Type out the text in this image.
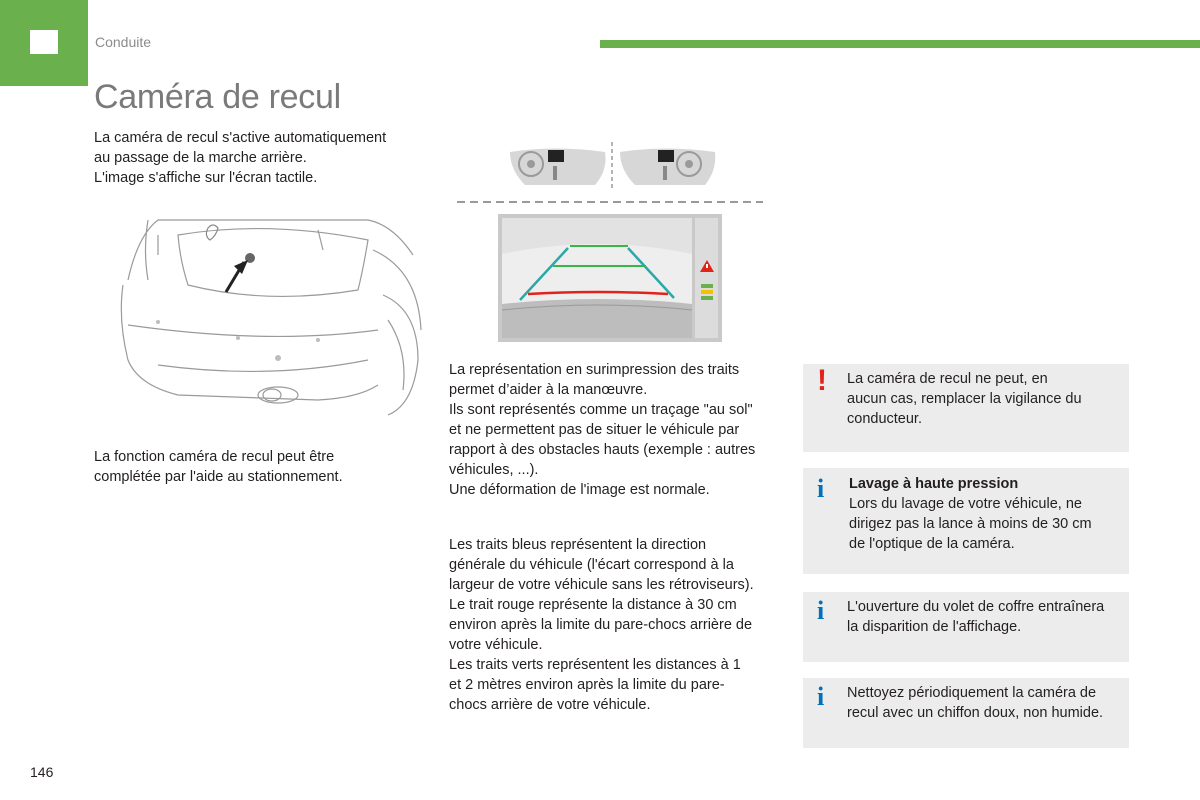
Conduite
Caméra de recul
La caméra de recul s'active automatiquement
au passage de la marche arrière.
L'image s'affiche sur l'écran tactile.
La fonction caméra de recul peut être
complétée par l'aide au stationnement.
La représentation en surimpression des traits
permet d’aider à la manœuvre.
Ils sont représentés comme un traçage "au sol"
et ne permettent pas de situer le véhicule par
rapport à des obstacles hauts (exemple : autres
véhicules, ...).
Une déformation de l'image est normale.
Les traits bleus représentent la direction
générale du véhicule (l'écart correspond à la
largeur de votre véhicule sans les rétroviseurs).
Le trait rouge représente la distance à 30 cm
environ après la limite du pare-chocs arrière de
votre véhicule.
Les traits verts représentent les distances à 1
et 2 mètres environ après la limite du pare-
chocs arrière de votre véhicule.
! La caméra de recul ne peut, en
aucun cas, remplacer la vigilance du
conducteur.
i Lavage à haute pression
Lors du lavage de votre véhicule, ne
dirigez pas la lance à moins de 30 cm
de l'optique de la caméra.
i L'ouverture du volet de coffre entraînera
la disparition de l'affichage.
i Nettoyez périodiquement la caméra de
recul avec un chiffon doux, non humide.
146
